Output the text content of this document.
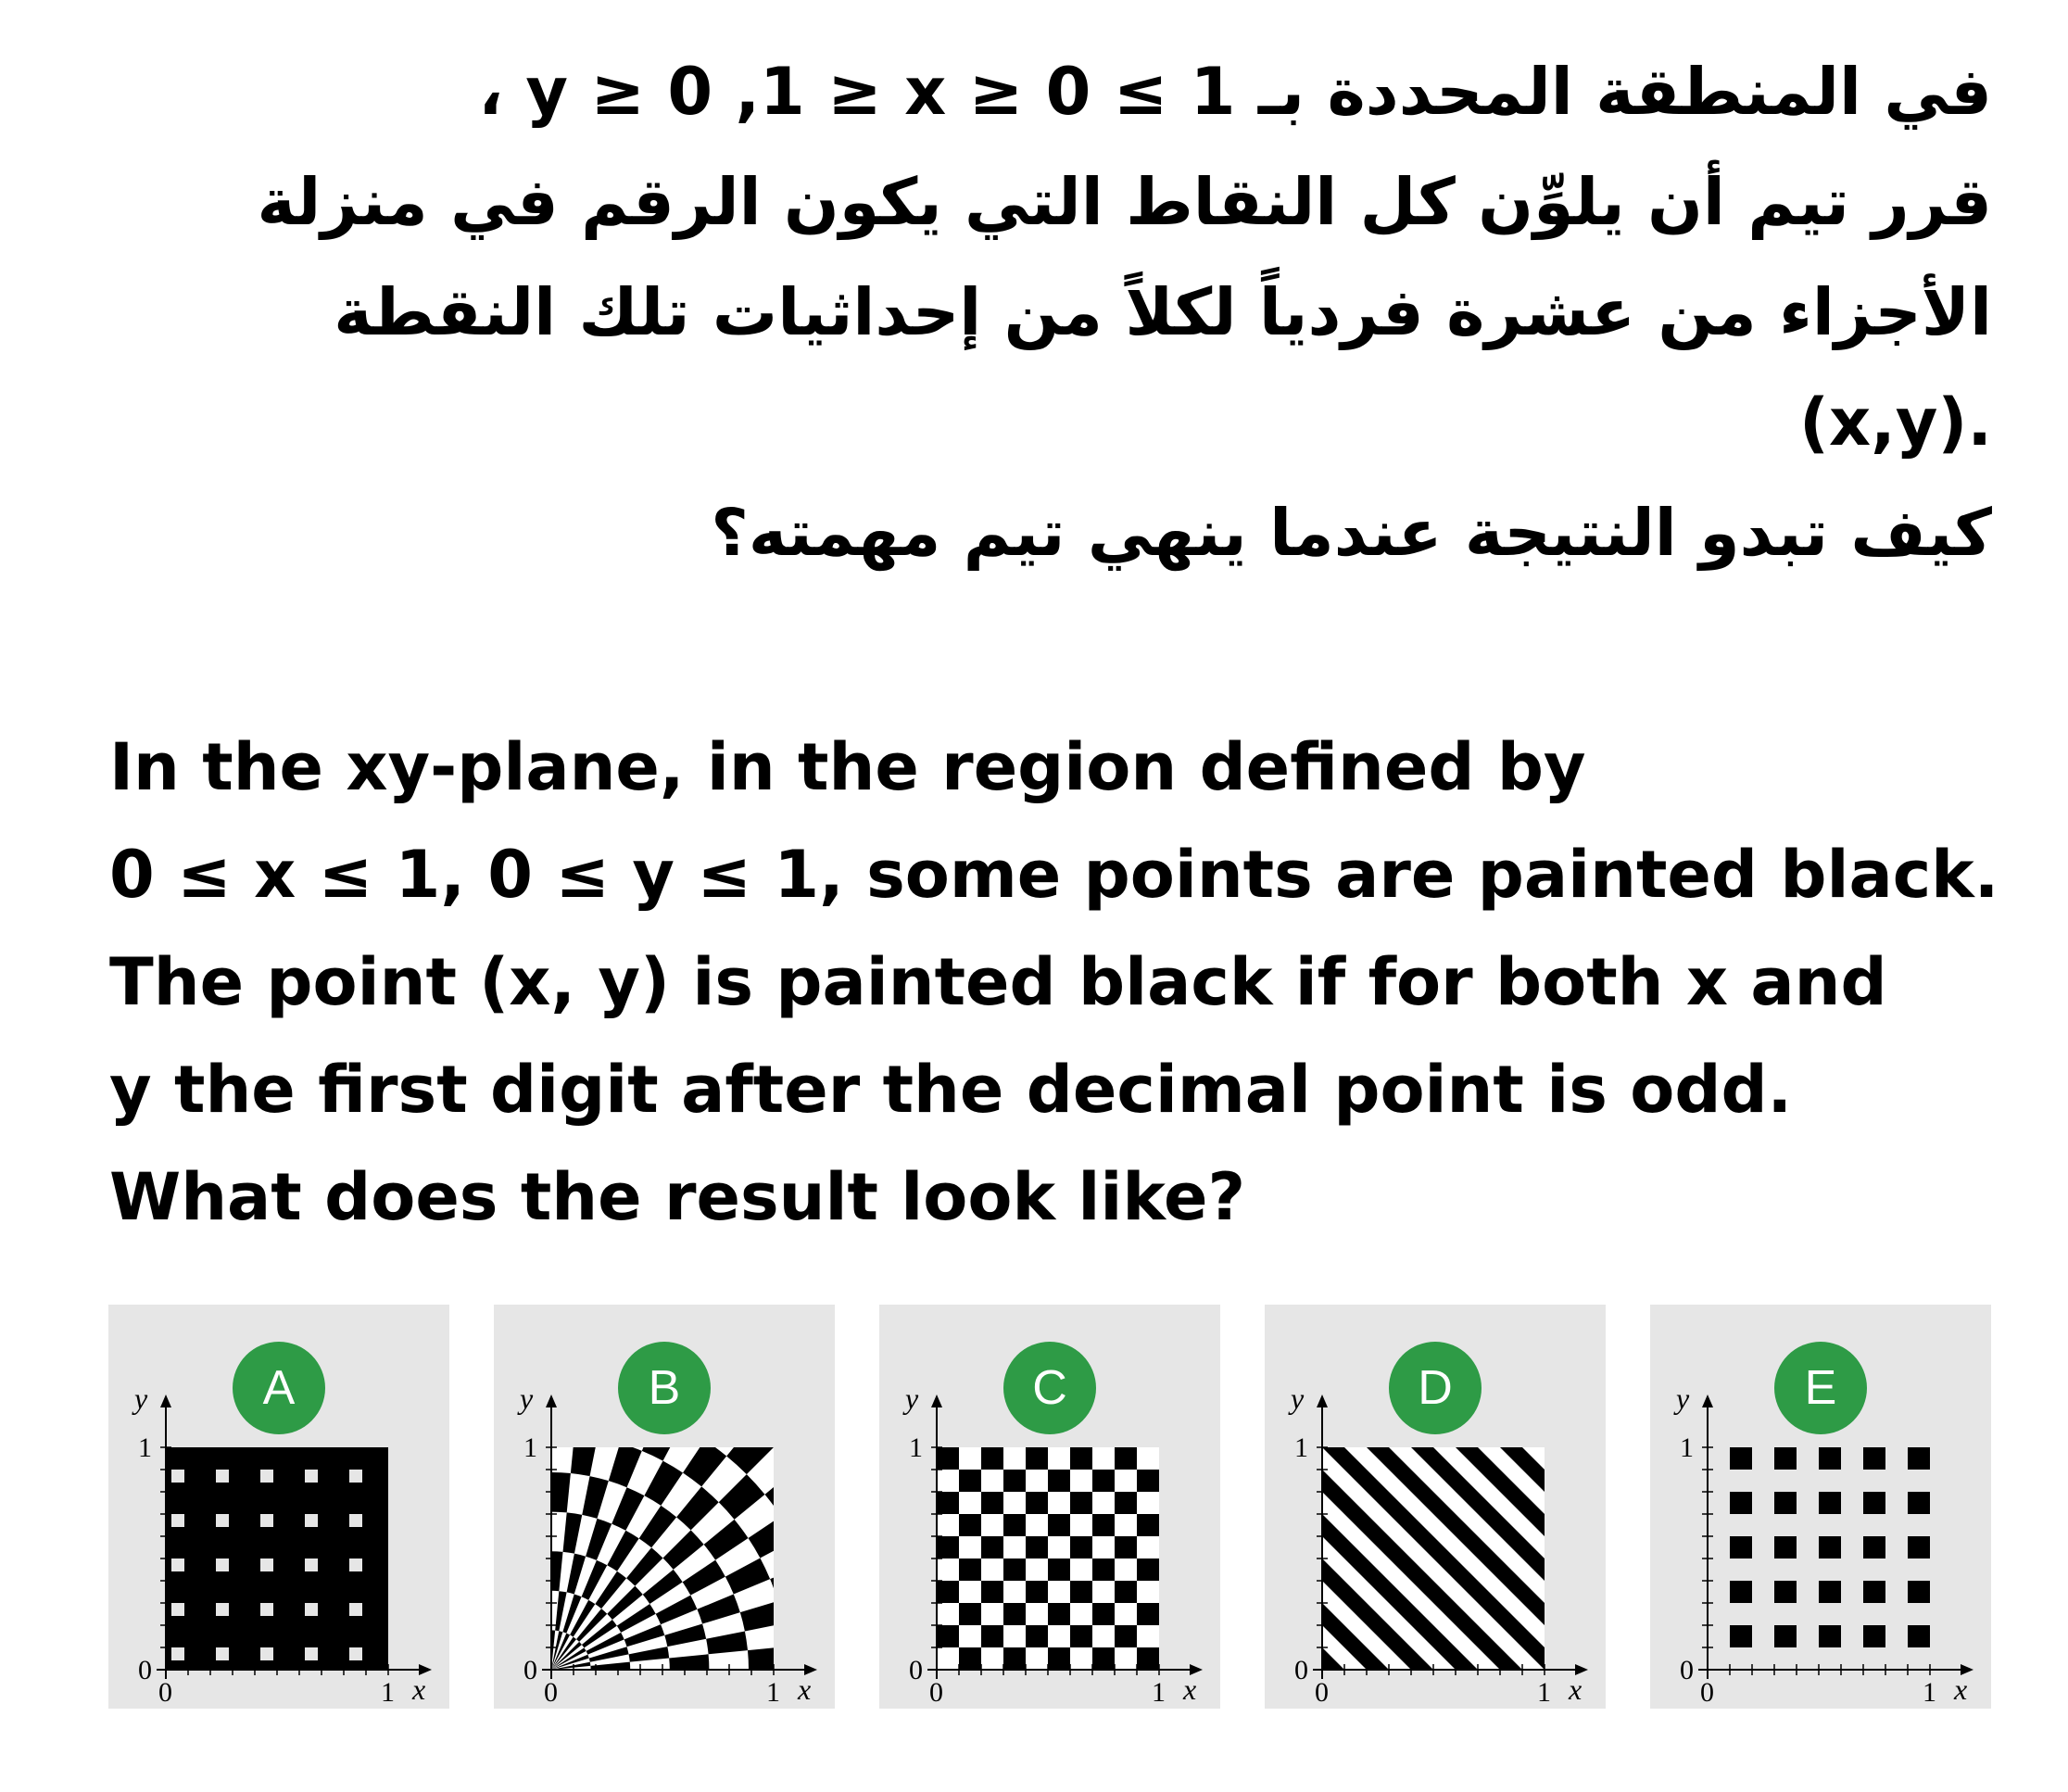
في المنطقة المحددة بـ 1 ≥ y ≥ 0 ,1 ≥ x ≥ 0 ،
قرر تيم أن يلوِّن كل النقاط التي يكون الرقم في منزلة
الأجزاء من عشرة فردياً لكلاً من إحداثيات تلك النقطة
.(x,y)
كيف تبدو النتيجة عندما ينهي تيم مهمته؟
In the xy-plane, in the region defined by
0 ≤ x ≤ 1, 0 ≤ y ≤ 1, some points are painted black.
The point (x, y) is painted black if for both x and
y the first digit after the decimal point is odd.
What does the result look like?
y
1
0
0	1 x
A	y
1
0
0	1 x
B	y
1
0
0	1 x
C	y
1
0
0	1 x
D	y
1
0
0	1 x
E
